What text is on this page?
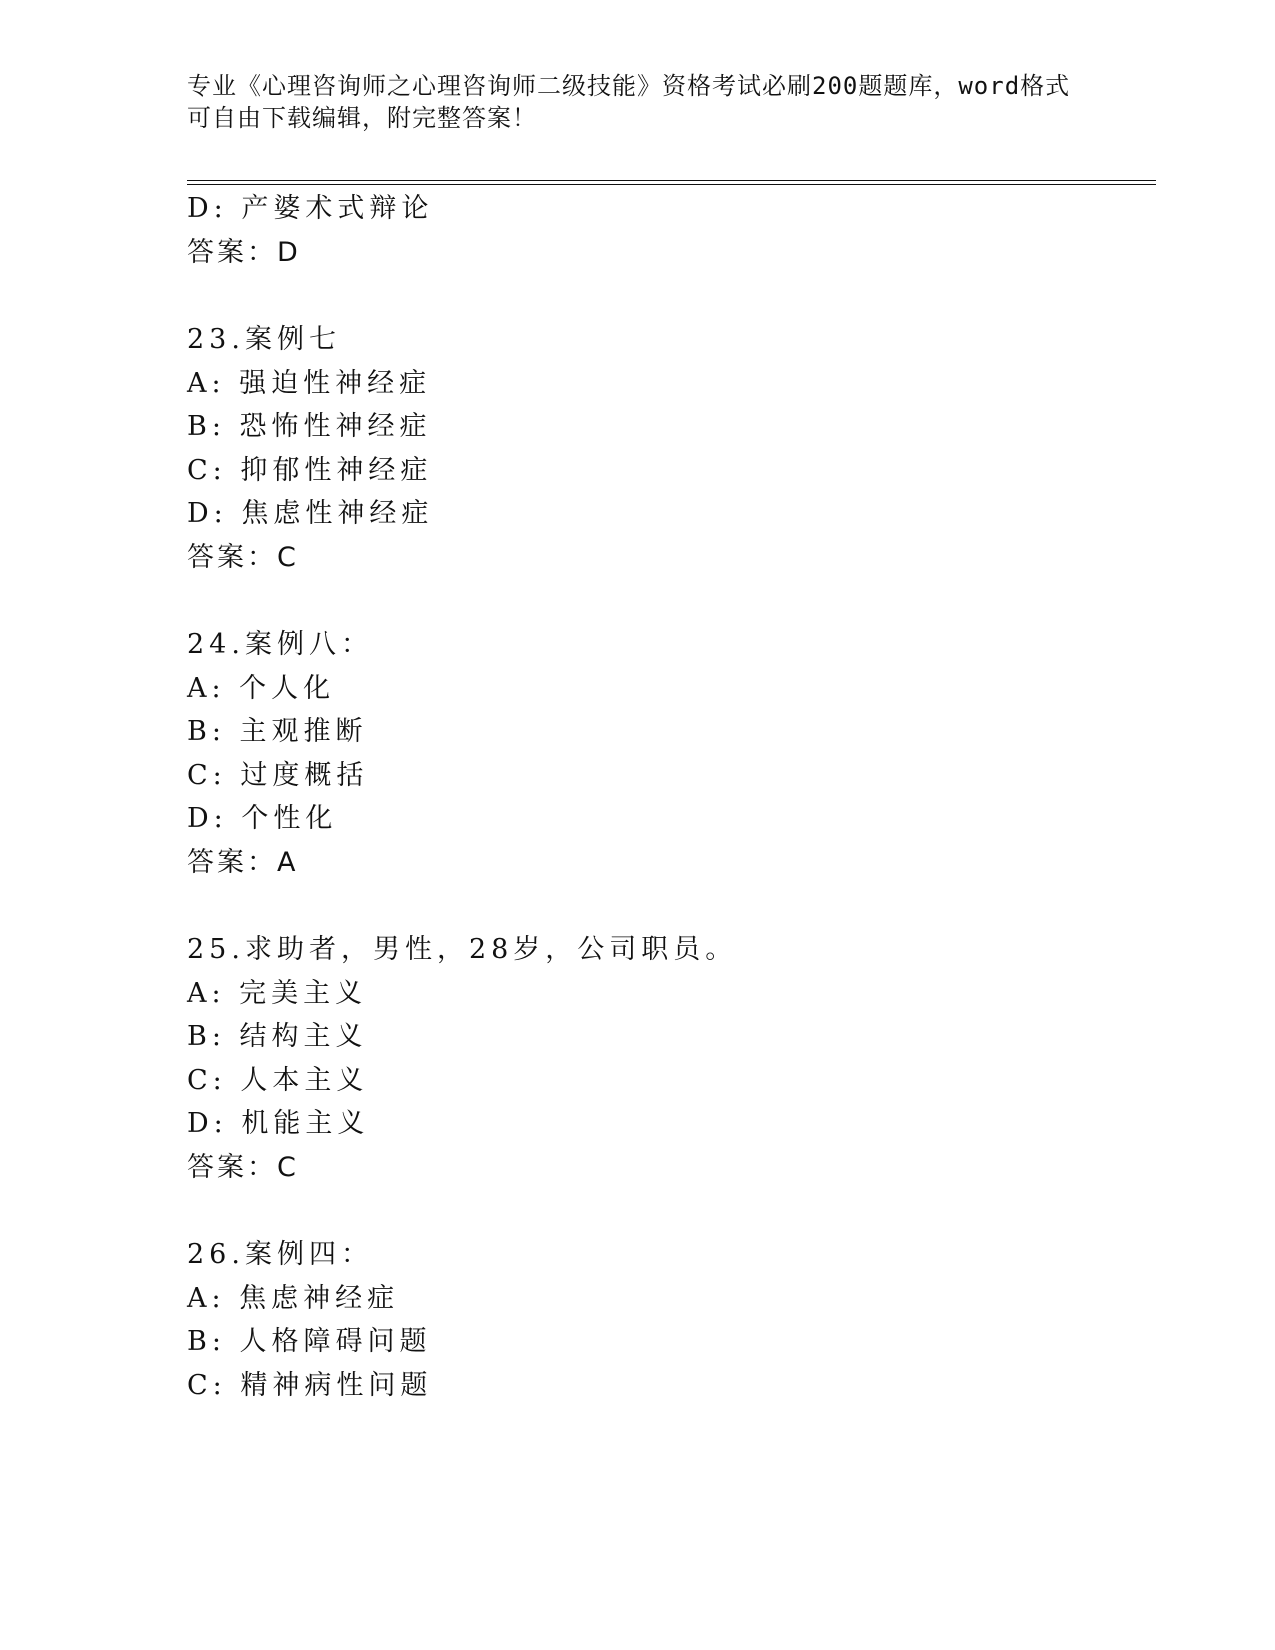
专业《心理咨询师之心理咨询师二级技能》资格考试必刷200题题库，word格式
可自由下载编辑，附完整答案！
D: 产婆术式辩论
答案：D
23.案例七
A: 强迫性神经症
B: 恐怖性神经症
C: 抑郁性神经症
D: 焦虑性神经症
答案：C
24.案例八：
A: 个人化
B: 主观推断
C: 过度概括
D: 个性化
答案：A
25.求助者，男性，28岁，公司职员。
A: 完美主义
B: 结构主义
C: 人本主义
D: 机能主义
答案：C
26.案例四：
A: 焦虑神经症
B: 人格障碍问题
C: 精神病性问题
